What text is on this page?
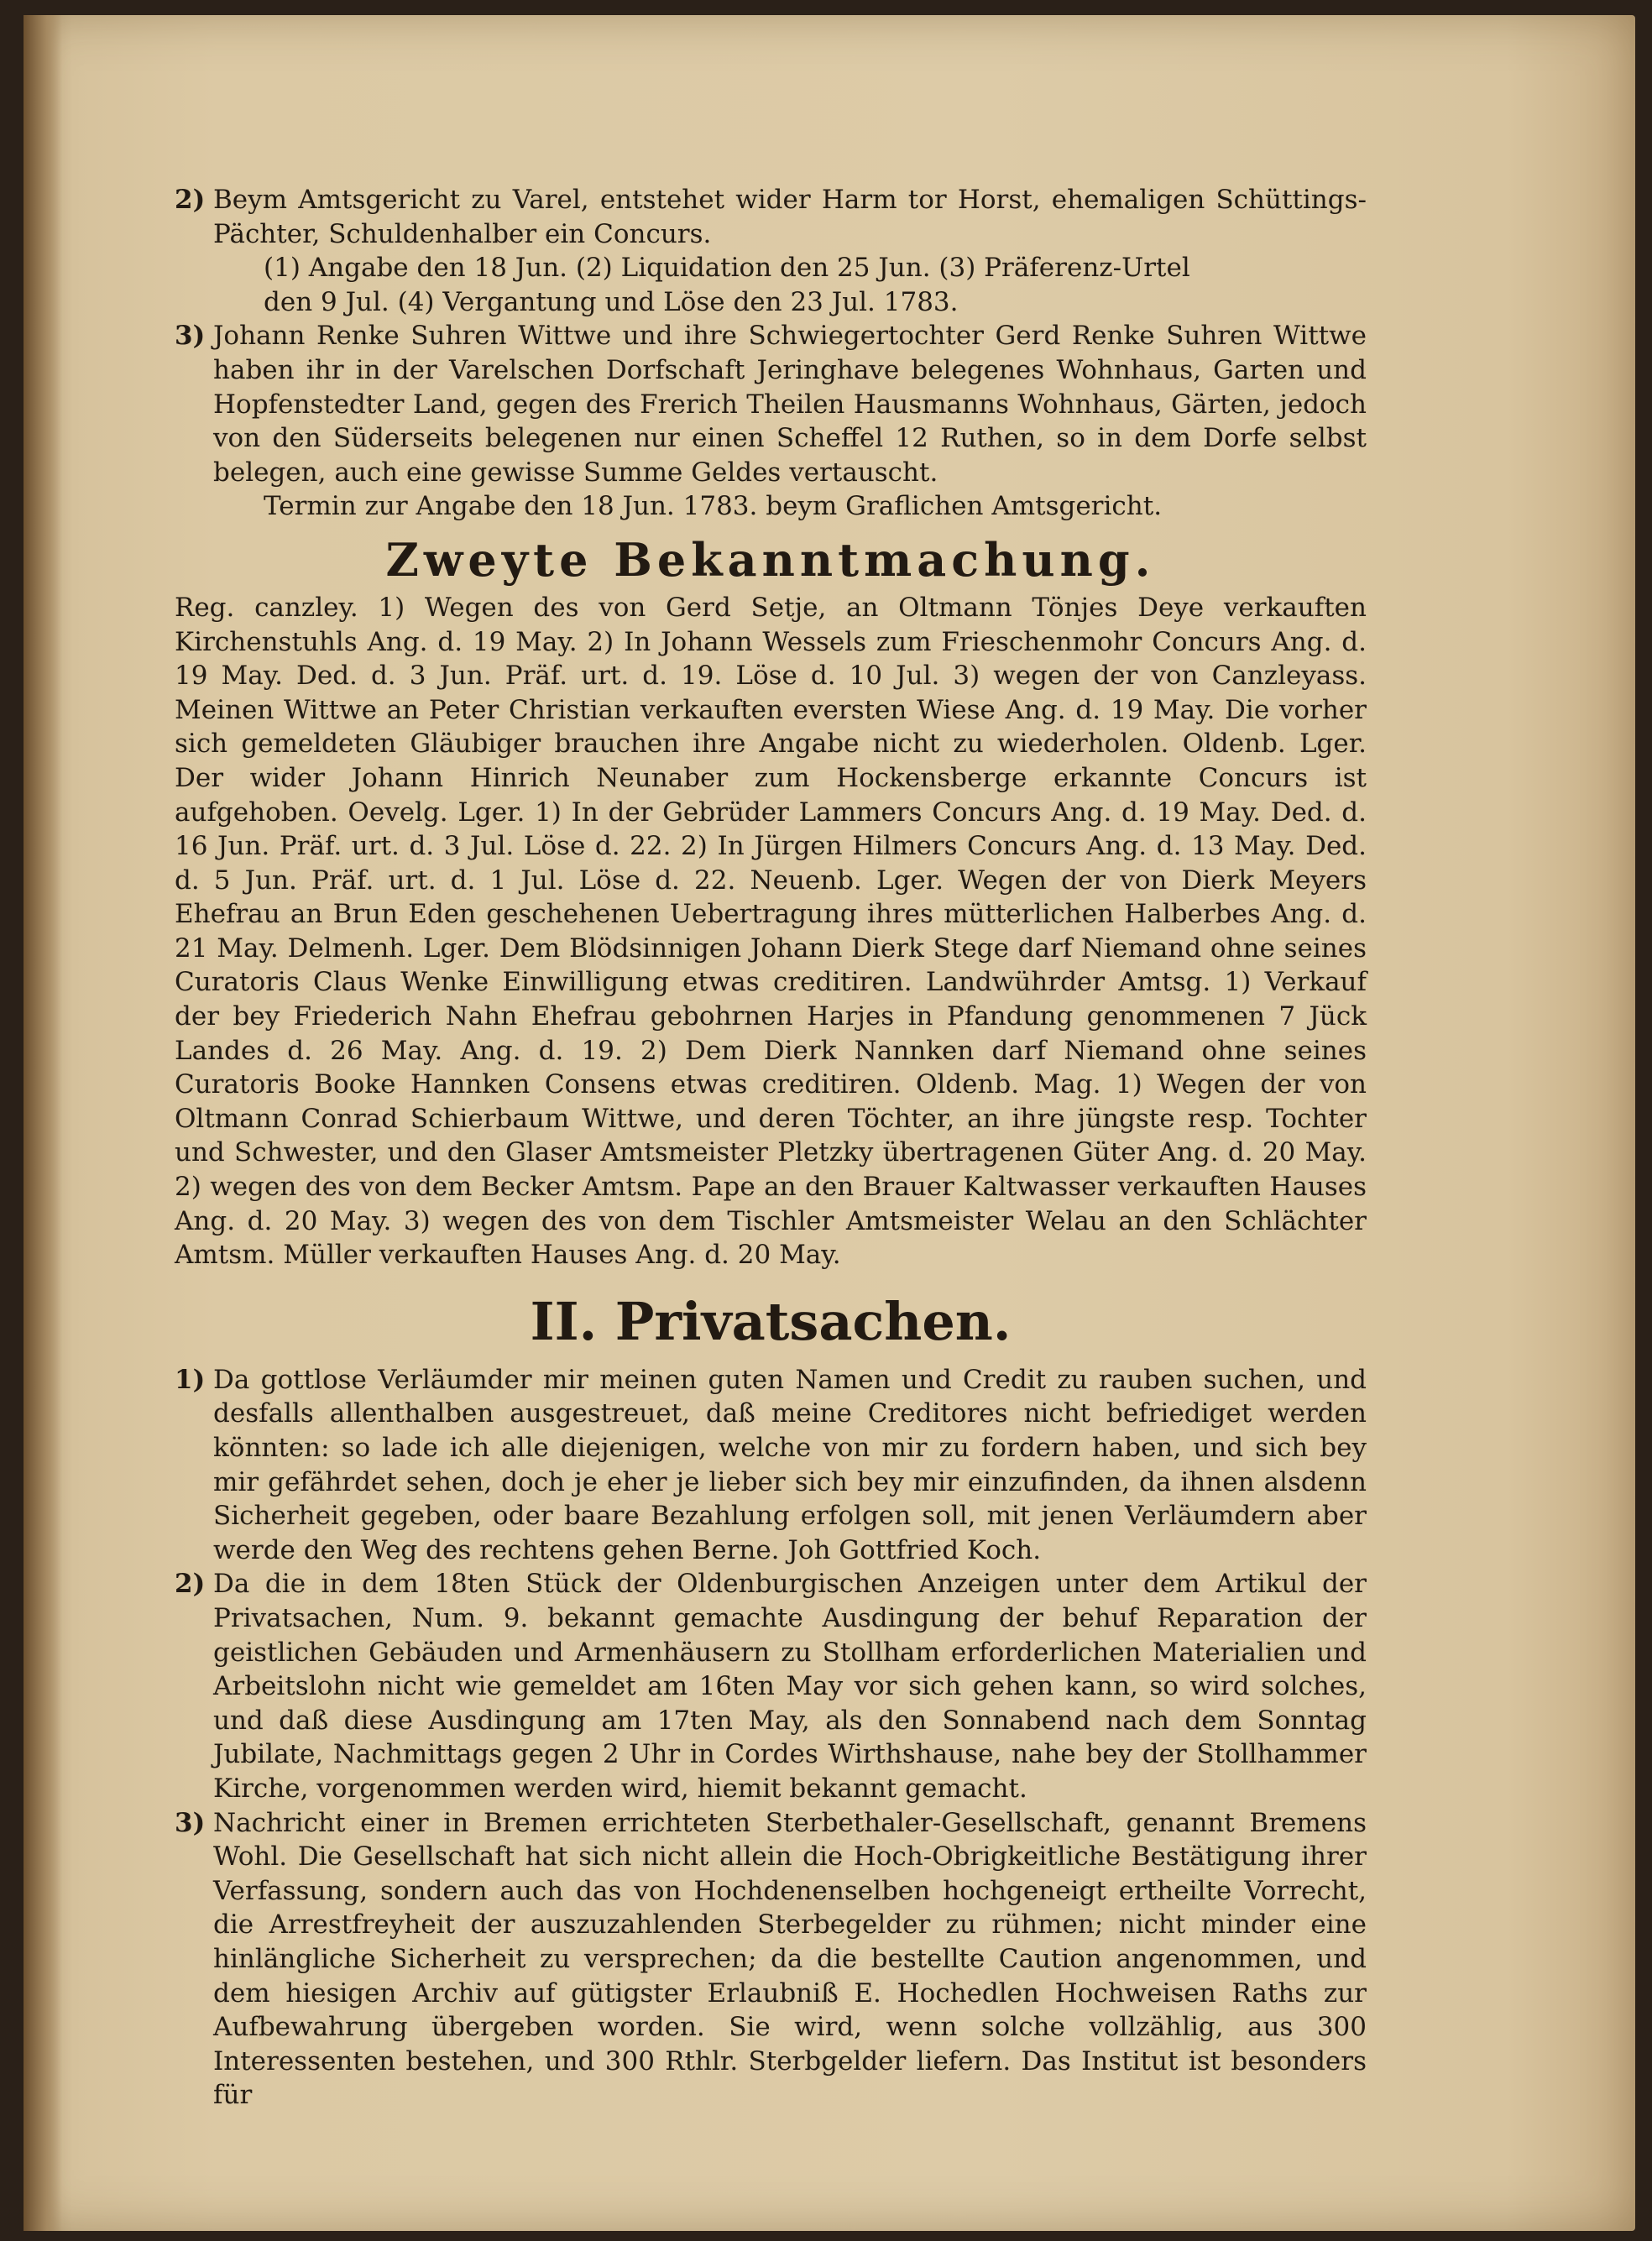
2) Beym Amtsgericht zu Varel, entstehet wider Harm tor Horst, ehemaligen Schüttings-Pächter, Schuldenhalber ein Concurs.

(1) Angabe den 18 Jun. (2) Liquidation den 25 Jun. (3) Präferenz-Urtel

den 9 Jul. (4) Vergantung und Löse den 23 Jul. 1783.

3) Johann Renke Suhren Wittwe und ihre Schwiegertochter Gerd Renke Suhren Wittwe haben ihr in der Varelschen Dorfschaft Jeringhave belegenes Wohnhaus, Garten und Hopfenstedter Land, gegen des Frerich Theilen Hausmanns Wohnhaus, Gärten, jedoch von den Süderseits belegenen nur einen Scheffel 12 Ruthen, so in dem Dorfe selbst belegen, auch eine gewisse Summe Geldes vertauscht.

Termin zur Angabe den 18 Jun. 1783. beym Graflichen Amtsgericht.

Zweyte Bekanntmachung.

Reg. canzley. 1) Wegen des von Gerd Setje, an Oltmann Tönjes Deye verkauften Kirchenstuhls Ang. d. 19 May. 2) In Johann Wessels zum Frieschenmohr Concurs Ang. d. 19 May. Ded. d. 3 Jun. Präf. urt. d. 19. Löse d. 10 Jul. 3) wegen der von Canzleyass. Meinen Wittwe an Peter Christian verkauften eversten Wiese Ang. d. 19 May. Die vorher sich gemeldeten Gläubiger brauchen ihre Angabe nicht zu wiederholen. Oldenb. Lger. Der wider Johann Hinrich Neunaber zum Hockensberge erkannte Concurs ist aufgehoben. Oevelg. Lger. 1) In der Gebrüder Lammers Concurs Ang. d. 19 May. Ded. d. 16 Jun. Präf. urt. d. 3 Jul. Löse d. 22. 2) In Jürgen Hilmers Concurs Ang. d. 13 May. Ded. d. 5 Jun. Präf. urt. d. 1 Jul. Löse d. 22. Neuenb. Lger. Wegen der von Dierk Meyers Ehefrau an Brun Eden geschehenen Uebertragung ihres mütterlichen Halberbes Ang. d. 21 May. Delmenh. Lger. Dem Blödsinnigen Johann Dierk Stege darf Niemand ohne seines Curatoris Claus Wenke Einwilligung etwas creditiren. Landwührder Amtsg. 1) Verkauf der bey Friederich Nahn Ehefrau gebohrnen Harjes in Pfandung genommenen 7 Jück Landes d. 26 May. Ang. d. 19. 2) Dem Dierk Nannken darf Niemand ohne seines Curatoris Booke Hannken Consens etwas creditiren. Oldenb. Mag. 1) Wegen der von Oltmann Conrad Schierbaum Wittwe, und deren Töchter, an ihre jüngste resp. Tochter und Schwester, und den Glaser Amtsmeister Pletzky übertragenen Güter Ang. d. 20 May. 2) wegen des von dem Becker Amtsm. Pape an den Brauer Kaltwasser verkauften Hauses Ang. d. 20 May. 3) wegen des von dem Tischler Amtsmeister Welau an den Schlächter Amtsm. Müller verkauften Hauses Ang. d. 20 May.

II. Privatsachen.
1) Da gottlose Verläumder mir meinen guten Namen und Credit zu rauben suchen, und desfalls allenthalben ausgestreuet, daß meine Creditores nicht befriediget werden könnten: so lade ich alle diejenigen, welche von mir zu fordern haben, und sich bey mir gefährdet sehen, doch je eher je lieber sich bey mir einzufinden, da ihnen alsdenn Sicherheit gegeben, oder baare Bezahlung erfolgen soll, mit jenen Verläumdern aber werde den Weg des rechtens gehen Berne. Joh Gottfried Koch.

2) Da die in dem 18ten Stück der Oldenburgischen Anzeigen unter dem Artikul der Privatsachen, Num. 9. bekannt gemachte Ausdingung der behuf Reparation der geistlichen Gebäuden und Armenhäusern zu Stollham erforderlichen Materialien und Arbeitslohn nicht wie gemeldet am 16ten May vor sich gehen kann, so wird solches, und daß diese Ausdingung am 17ten May, als den Sonnabend nach dem Sonntag Jubilate, Nachmittags gegen 2 Uhr in Cordes Wirthshause, nahe bey der Stollhammer Kirche, vorgenommen werden wird, hiemit bekannt gemacht.

3) Nachricht einer in Bremen errichteten Sterbethaler-Gesellschaft, genannt Bremens Wohl. Die Gesellschaft hat sich nicht allein die Hoch-Obrigkeitliche Bestätigung ihrer Verfassung, sondern auch das von Hochdenenselben hochgeneigt ertheilte Vorrecht, die Arrestfreyheit der auszuzahlenden Sterbegelder zu rühmen; nicht minder eine hinlängliche Sicherheit zu versprechen; da die bestellte Caution angenommen, und dem hiesigen Archiv auf gütigster Erlaubniß E. Hochedlen Hochweisen Raths zur Aufbewahrung übergeben worden. Sie wird, wenn solche vollzählig, aus 300 Interessenten bestehen, und 300 Rthlr. Sterbgelder liefern. Das Institut ist besonders für
